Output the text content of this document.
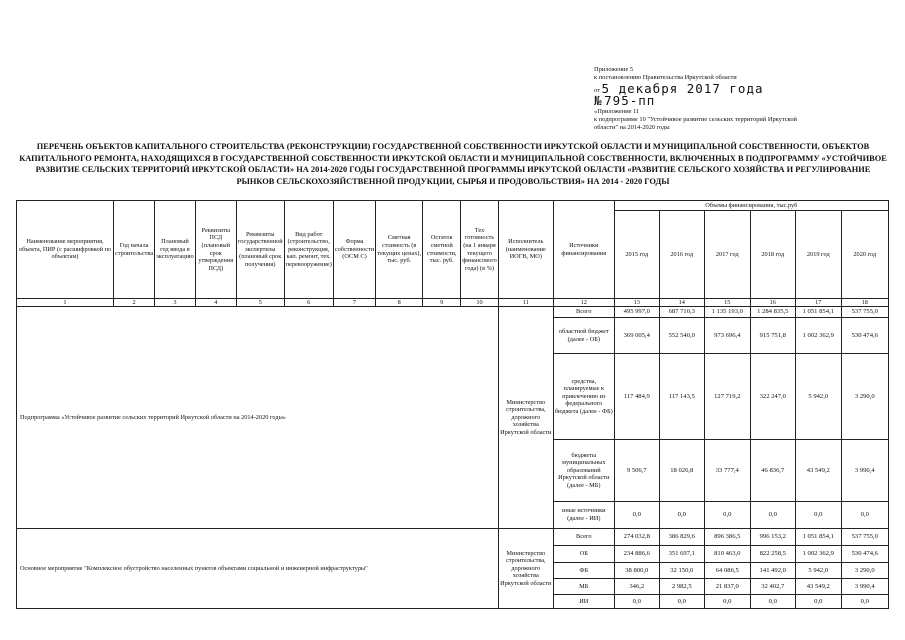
Приложение 5
к постановлению Правительства Иркутской области
от 5 декабря 2017 года
№ 795-пп
«Приложение 11
к подпрограмме 10 "Устойчивое развитие сельских территорий Иркутской
области" на 2014-2020 годы
ПЕРЕЧЕНЬ ОБЪЕКТОВ КАПИТАЛЬНОГО СТРОИТЕЛЬСТВА (РЕКОНСТРУКЦИИ) ГОСУДАРСТВЕННОЙ СОБСТВЕННОСТИ ИРКУТСКОЙ ОБЛАСТИ И МУНИЦИПАЛЬНОЙ СОБСТВЕННОСТИ, ОБЪЕКТОВ КАПИТАЛЬНОГО РЕМОНТА, НАХОДЯЩИХСЯ В ГОСУДАРСТВЕННОЙ СОБСТВЕННОСТИ ИРКУТСКОЙ ОБЛАСТИ И МУНИЦИПАЛЬНОЙ СОБСТВЕННОСТИ, ВКЛЮЧЕННЫХ В ПОДПРОГРАММУ «УСТОЙЧИВОЕ РАЗВИТИЕ СЕЛЬСКИХ ТЕРРИТОРИЙ ИРКУТСКОЙ ОБЛАСТИ» НА 2014-2020 ГОДЫ ГОСУДАРСТВЕННОЙ ПРОГРАММЫ ИРКУТСКОЙ ОБЛАСТИ «РАЗВИТИЕ СЕЛЬСКОГО ХОЗЯЙСТВА И РЕГУЛИРОВАНИЕ РЫНКОВ СЕЛЬСКОХОЗЯЙСТВЕННОЙ ПРОДУКЦИИ, СЫРЬЯ И ПРОДОВОЛЬСТВИЯ» НА 2014 - 2020 ГОДЫ
Наименование мероприятия, объекта, ПИР (с расшифровкой по объектам)	Год начала строительства	Плановый год ввода в эксплуатацию	Реквизиты ПСД (плановый срок утверждения ПСД)	Реквизиты государственной экспертизы (плановый срок получения)	Вид работ (строительство, реконструкция, кап. ремонт, тех. перевооружение)	Форма собственности (ОСМ С)	Сметная стоимость (в текущих ценах), тыс. руб.	Остаток сметной стоимости, тыс. руб.	Тех готовность (на 1 января текущего финансового года) (в %)	Исполнитель (наименование ИОГВ, МО)	Источники финансирования	Объемы финансирования, тыс.руб					
												2015 год	2016 год	2017 год	2018 год	2019 год	2020 год
1	2	3	4	5	6	7	8	9	10	11	12	13	14	15	16	17	18
Подпрограмма «Устойчивое развитие сельских территорий Иркутской области на 2014-2020 годы»										Министерство строительства, дорожного хозяйства Иркутской области	Всего	495 997,0	687 710,3	1 135 193,0	1 284 835,5	1 051 854,1	537 755,0
											областной бюджет (далее - ОБ)	369 005,4	552 540,0	973 696,4	915 751,8	1 002 362,9	530 474,6
											средства, планируемые к привлечению из федерального бюджета (далее - ФБ)	117 484,9	117 143,5	127 719,2	322 247,0	5 942,0	3 290,0
											бюджеты муниципальных образований Иркутской области (далее - МБ)	9 506,7	18 026,8	33 777,4	46 836,7	43 549,2	3 990,4
											иные источники (далее - ИИ)	0,0	0,0	0,0	0,0	0,0	0,0
Основное мероприятие "Комплексное обустройство населенных пунктов объектами социальной и инженерной инфраструктуры"										Министерство строительства, дорожного хозяйства Иркутской области	Всего	274 032,8	386 829,6	896 386,5	996 153,2	1 051 854,1	537 755,0
											ОБ	234 886,6	351 697,1	810 463,0	822 258,5	1 002 362,9	530 474,6
											ФБ	38 800,0	32 150,0	64 086,5	141 492,0	5 942,0	3 290,0
											МБ	346,2	2 982,5	21 837,0	32 402,7	43 549,2	3 990,4
											ИИ	0,0	0,0	0,0	0,0	0,0	0,0
